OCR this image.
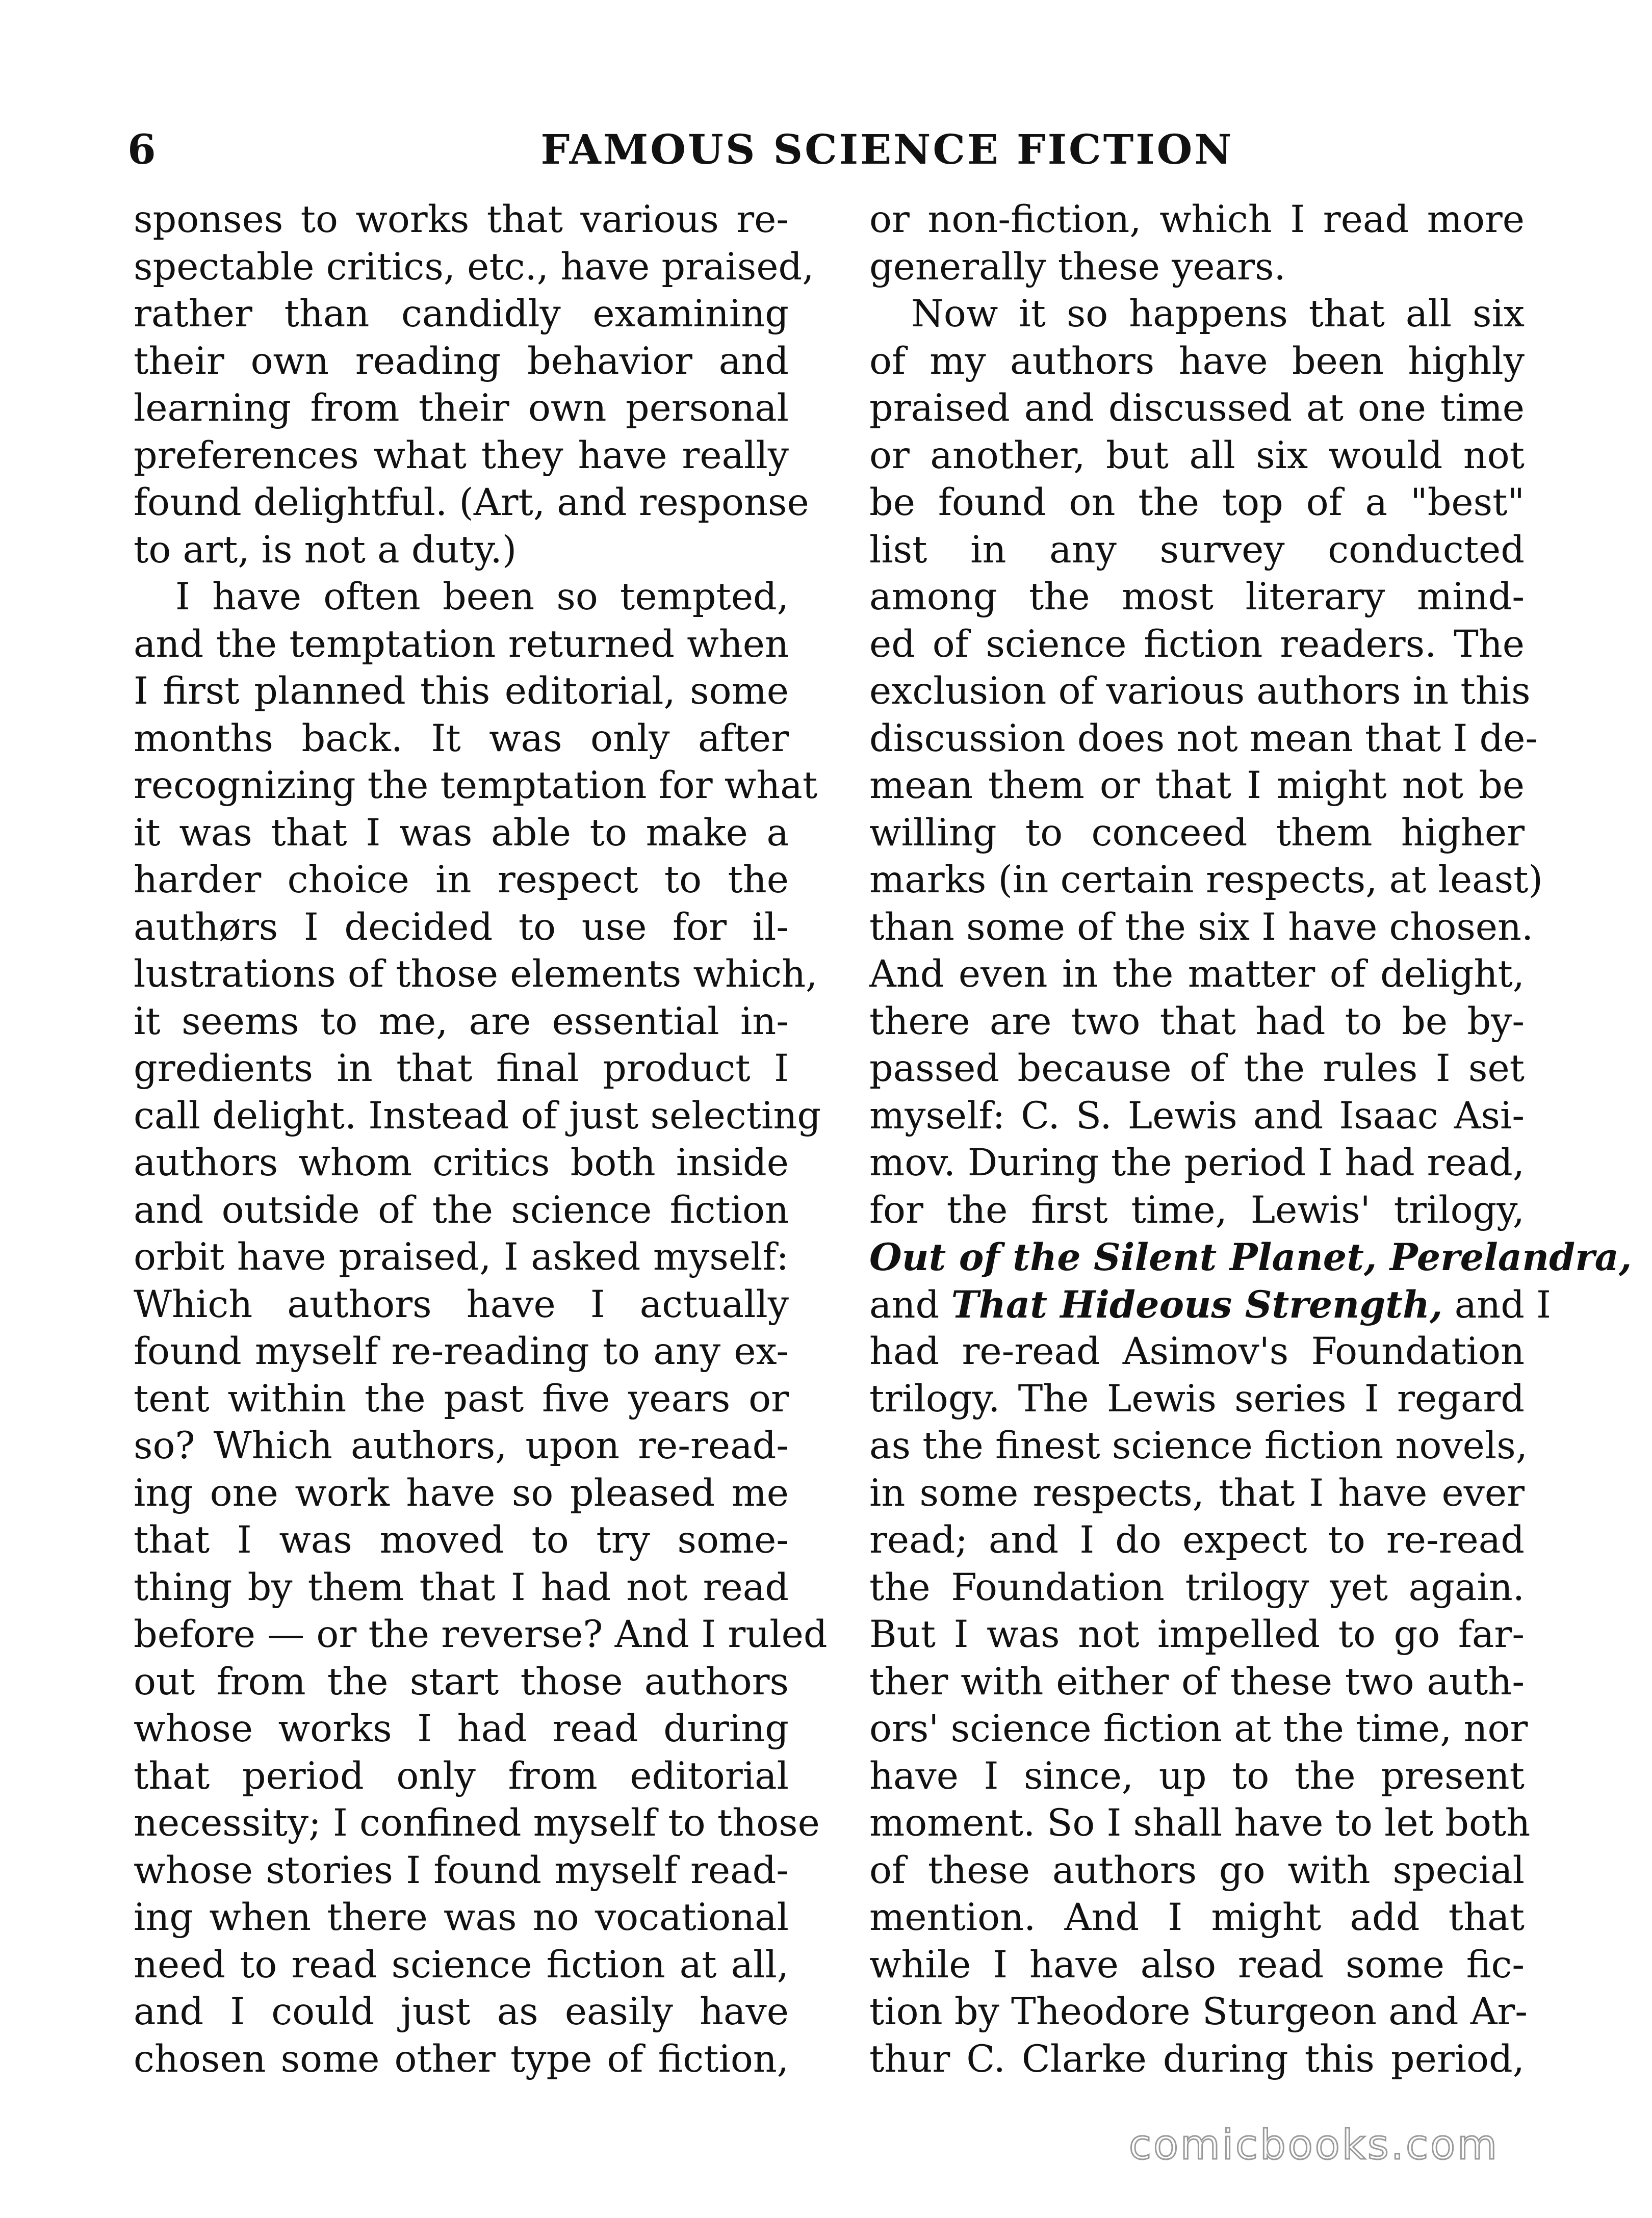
6	FAMOUS SCIENCE FICTION
sponses to works that various re-
spectable critics, etc., have praised,
rather than candidly examining
their own reading behavior and
learning from their own personal
preferences what they have really
found delightful. (Art, and response
to art, is not a duty.)
I have often been so tempted,
and the temptation returned when
I first planned this editorial, some
months back. It was only after
recognizing the temptation for what
it was that I was able to make a
harder choice in respect to the
authørs I decided to use for il-
lustrations of those elements which,
it seems to me, are essential in-
gredients in that final product I
call delight. Instead of just selecting
authors whom critics both inside
and outside of the science fiction
orbit have praised, I asked myself:
Which authors have I actually
found myself re-reading to any ex-
tent within the past five years or
so? Which authors, upon re-read-
ing one work have so pleased me
that I was moved to try some-
thing by them that I had not read
before — or the reverse? And I ruled
out from the start those authors
whose works I had read during
that period only from editorial
necessity; I confined myself to those
whose stories I found myself read-
ing when there was no vocational
need to read science fiction at all,
and I could just as easily have
chosen some other type of fiction,
or non-fiction, which I read more
generally these years.
Now it so happens that all six
of my authors have been highly
praised and discussed at one time
or another, but all six would not
be found on the top of a "best"
list in any survey conducted
among the most literary mind-
ed of science fiction readers. The
exclusion of various authors in this
discussion does not mean that I de-
mean them or that I might not be
willing to conceed them higher
marks (in certain respects, at least)
than some of the six I have chosen.
And even in the matter of delight,
there are two that had to be by-
passed because of the rules I set
myself: C. S. Lewis and Isaac Asi-
mov. During the period I had read,
for the first time, Lewis' trilogy,
Out of the Silent Planet, Perelandra,
and That Hideous Strength, and I
had re-read Asimov's Foundation
trilogy. The Lewis series I regard
as the finest science fiction novels,
in some respects, that I have ever
read; and I do expect to re-read
the Foundation trilogy yet again.
But I was not impelled to go far-
ther with either of these two auth-
ors' science fiction at the time, nor
have I since, up to the present
moment. So I shall have to let both
of these authors go with special
mention. And I might add that
while I have also read some fic-
tion by Theodore Sturgeon and Ar-
thur C. Clarke during this period,
comicbooks.com
